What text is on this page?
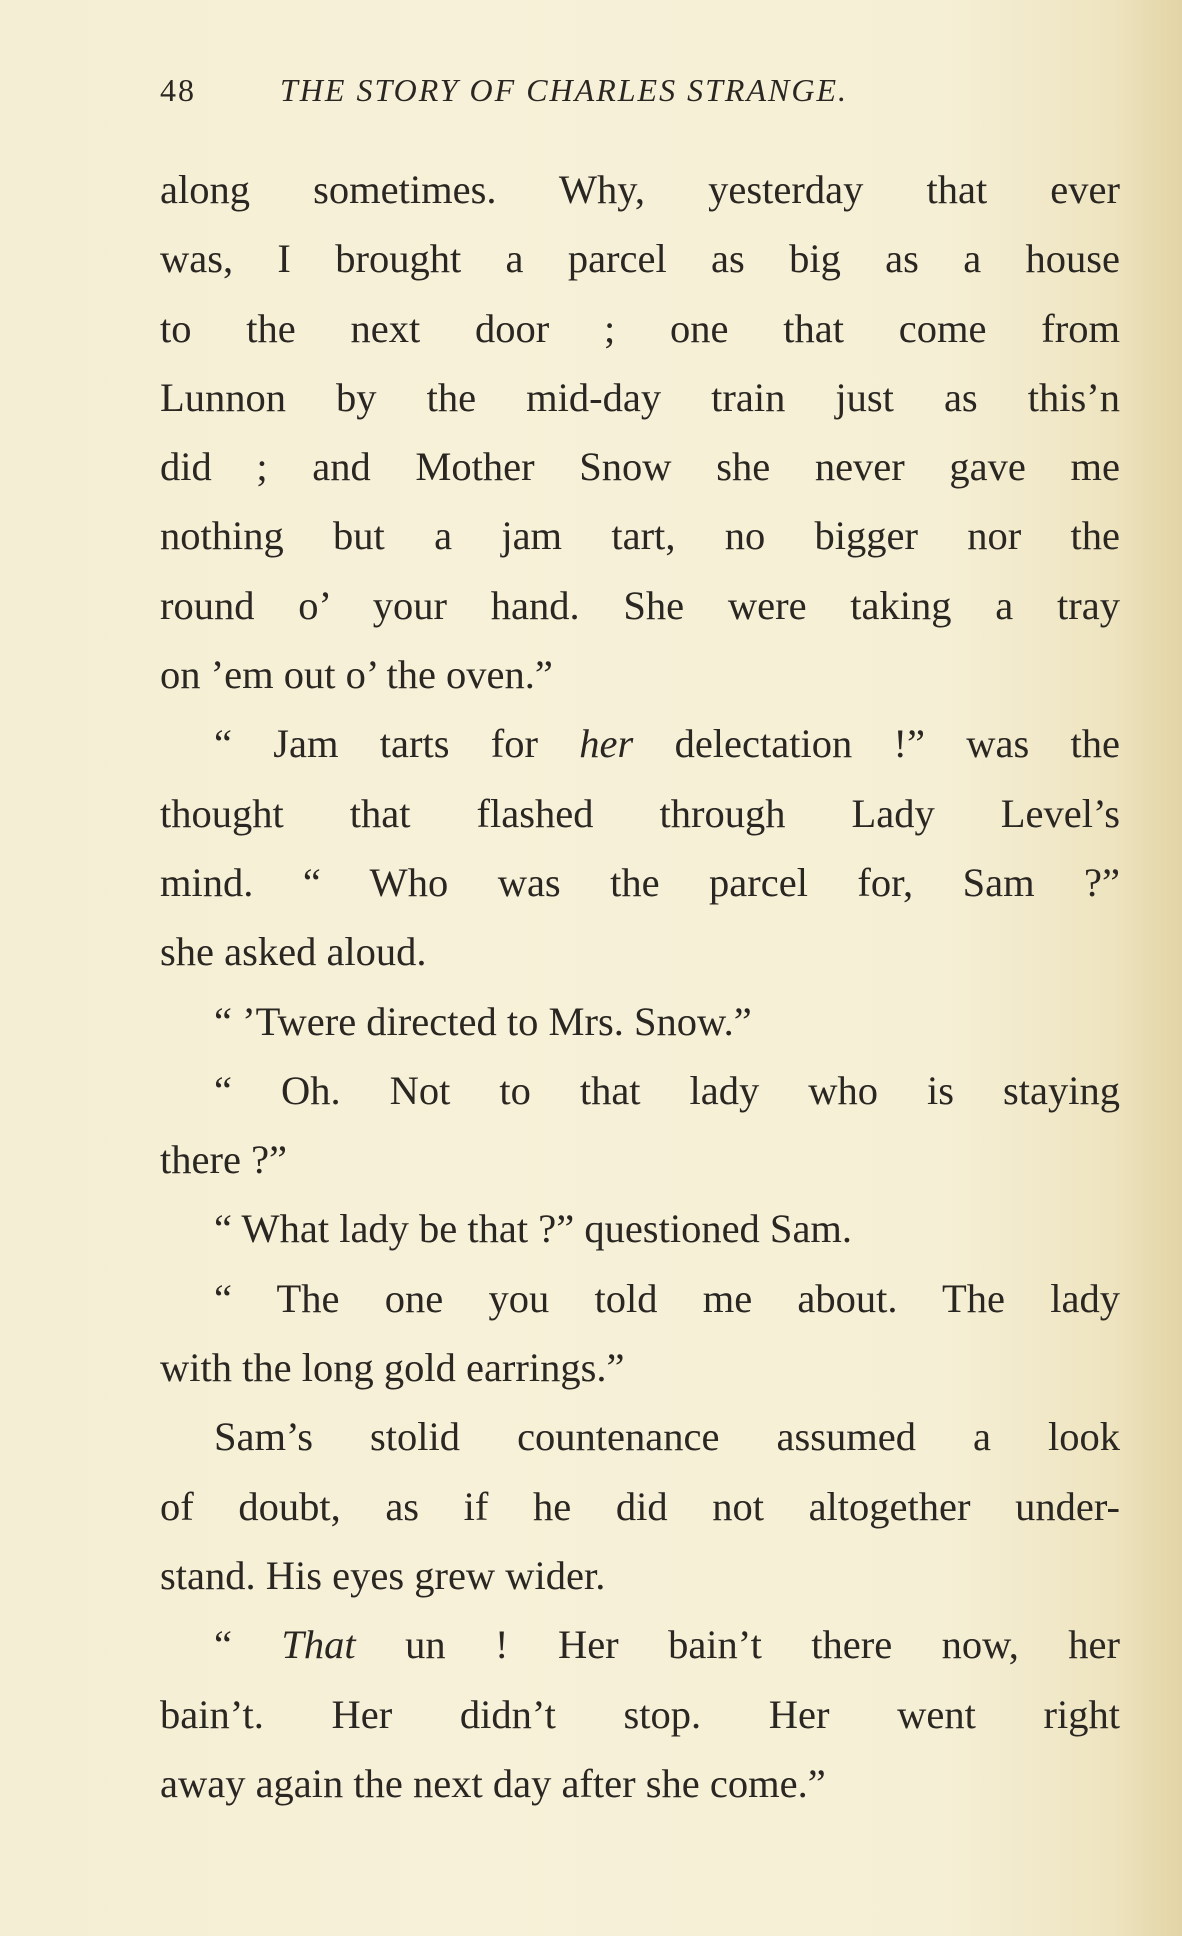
48	THE STORY OF CHARLES STRANGE.
along sometimes. Why, yesterday that ever
was, I brought a parcel as big as a house
to the next door ; one that come from
Lunnon by the mid-day train just as this’n
did ; and Mother Snow she never gave me
nothing but a jam tart, no bigger nor the
round o’ your hand. She were taking a tray
on ’em out o’ the oven.”
“ Jam tarts for her delectation !” was the
thought that flashed through Lady Level’s
mind. “ Who was the parcel for, Sam ?”
she asked aloud.
“ ’Twere directed to Mrs. Snow.”
“ Oh. Not to that lady who is staying
there ?”
“ What lady be that ?” questioned Sam.
“ The one you told me about. The lady
with the long gold earrings.”
Sam’s stolid countenance assumed a look
of doubt, as if he did not altogether under-
stand. His eyes grew wider.
“ That un ! Her bain’t there now, her
bain’t. Her didn’t stop. Her went right
away again the next day after she come.”
